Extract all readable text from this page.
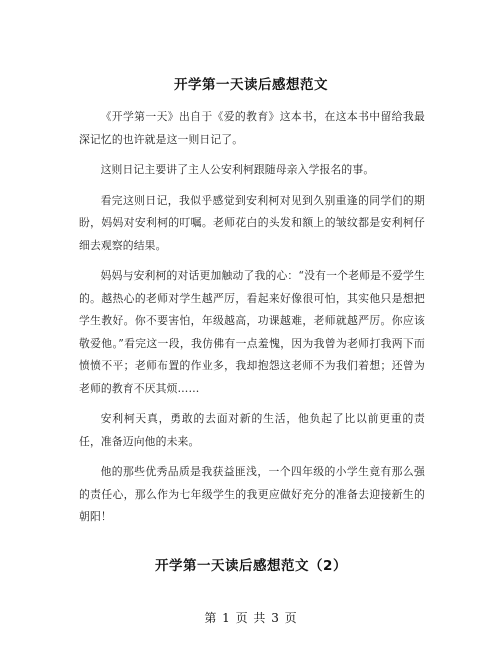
开学第一天读后感想范文

《开学第一天》出自于《爱的教育》这本书，在这本书中留给我最深记忆的也许就是这一则日记了。

这则日记主要讲了主人公安利柯跟随母亲入学报名的事。

看完这则日记，我似乎感觉到安利柯对见到久别重逢的同学们的期盼，妈妈对安利柯的叮嘱。老师花白的头发和额上的皱纹都是安利柯仔细去观察的结果。

妈妈与安利柯的对话更加触动了我的心：“没有一个老师是不爱学生的。越热心的老师对学生越严厉，看起来好像很可怕，其实他只是想把学生教好。你不要害怕，年级越高，功课越难，老师就越严厉。你应该敬爱他。”看完这一段，我仿佛有一点羞愧，因为我曾为老师打我两下而愤愤不平；老师布置的作业多，我却抱怨这老师不为我们着想；还曾为老师的教育不厌其烦……

安利柯天真，勇敢的去面对新的生活，他负起了比以前更重的责任，准备迈向他的未来。

他的那些优秀品质是我获益匪浅，一个四年级的小学生竟有那么强的责任心，那么作为七年级学生的我更应做好充分的准备去迎接新生的朝阳！

开学第一天读后感想范文（2）
第 1 页 共 3 页
